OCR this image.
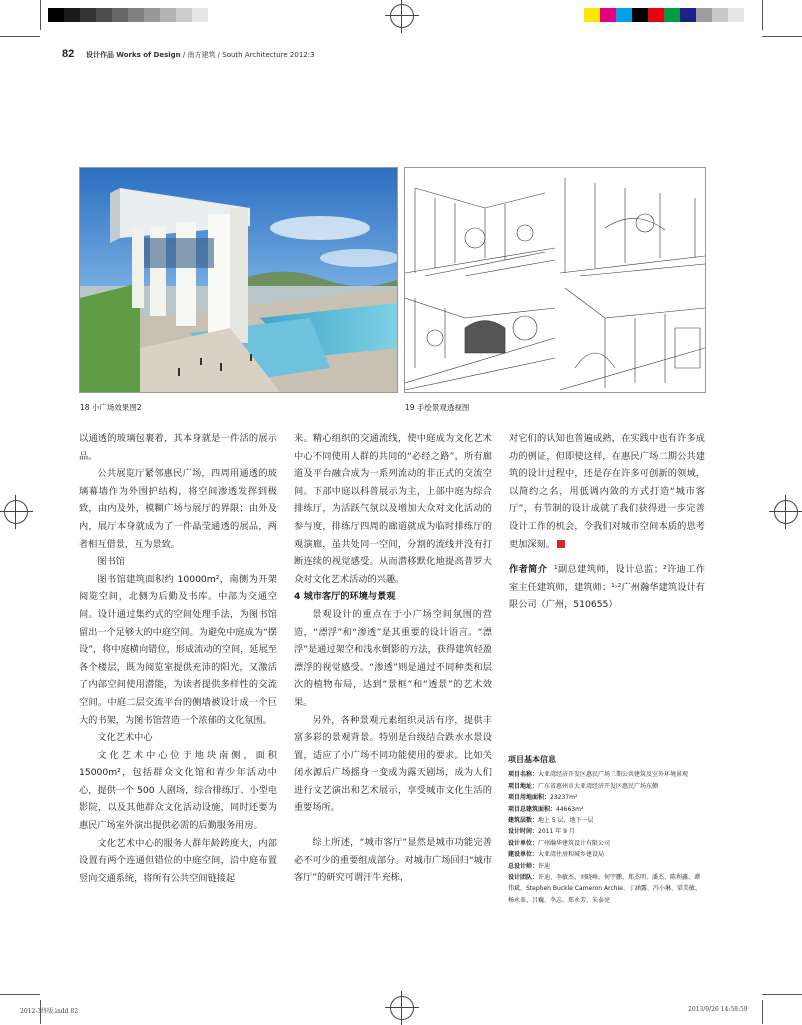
82 设计作品 Works of Design / 南方建筑 / South Architecture 2012:3
18 小广场效果图2	19 手绘景观透视图

以通透的玻璃包裹着，其本身就是一件活的展示品。

公共展览厅紧邻惠民广场，四周用通透的玻璃幕墙作为外围护结构，将空间渗透发挥到极致，由内及外，模糊广场与展厅的界限；由外及内，展厅本身就成为了一件晶莹通透的展品，两者相互借景，互为景致。

图书馆

图书馆建筑面积约 10000m²，南侧为开架阅览空间，北侧为后勤及书库。中部为交通空间。设计通过集约式的空间处理手法，为图书馆留出一个足够大的中庭空间。为避免中庭成为“摆设”，将中庭横向错位，形成流动的空间，延展至各个楼层，既为阅览室提供充沛的阳光，又激活了内部空间使用潜能，为读者提供多样性的交流空间。中庭二层交流平台的侧墙被设计成一个巨大的书架，为图书馆营造一个浓郁的文化氛围。

文化艺术中心

文化艺术中心位于地块南侧，面积15000m²，包括群众文化馆和青少年活动中心，提供一个 500 人剧场，综合排练厅、小型电影院，以及其他群众文化活动设施，同时还要为惠民广场室外演出提供必需的后勤服务用房。

文化艺术中心的服务人群年龄跨度大，内部设置有两个连通但错位的中庭空间，沿中庭布置竖向交通系统，将所有公共空间链接起

来。精心组织的交通流线，使中庭成为文化艺术中心不同使用人群的共同的“必经之路”，所有廊道及平台融合成为一系列流动的非正式的交流空间。下部中庭以科普展示为主，上部中庭为综合排练厅，为活跃气氛以及增加大众对文化活动的参与度，排练厅四周的廊道就成为临时排练厅的观演廊，虽共处同一空间，分割的流线并没有打断连续的视觉感受。从而潜移默化地提高普罗大众对文化艺术活动的兴趣。

4 城市客厅的环境与景观

景观设计的重点在于小广场空间氛围的营造，“漂浮”和“渗透”是其重要的设计语言。“漂浮”是通过架空和浅水倒影的方法，获得建筑轻盈漂浮的视觉感受。“渗透”则是通过不同种类和层次的植物布局，达到“景框”和“透景”的艺术效果。

另外，各种景观元素组织灵活有序，提供丰富多彩的景观背景。特别是台级结合跌水水景设置，适应了小广场不同功能使用的要求。比如关闭水源后广场摇身一变成为露天剧场，成为人们进行文艺演出和艺术展示，享受城市文化生活的重要场所。

综上所述，“城市客厅”显然是城市功能完善必不可少的重要组成部分。对城市广场回归“城市客厅”的研究可谓汗牛充栋，

对它们的认知也普遍成熟，在实践中也有许多成功的例证，但即使这样，在惠民广场二期公共建筑的设计过程中，还是存在许多可创新的领域，以简约之名，用低调内敛的方式打造“城市客厅”，有节制的设计成就了我们获得进一步完善设计工作的机会，令我们对城市空间本质的思考更加深刻。

作者简介 ¹副总建筑师，设计总监；²许迪工作室主任建筑师，建筑师；¹˒²广州瀚华建筑设计有限公司（广州，510655）

项目基本信息
项目名称：大亚湾经济开发区惠民广场二期公共建筑及室外环境景观
项目地址：广东省惠州市大亚湾经济开发区惠民广场东侧
项目用地面积：23237m²
项目总建筑面积：44663m²
建筑层数：地上 5 层，地下一层
设计时间：2011 年 9 月
设计单位：广州瀚华建筑设计有限公司
建设单位：大亚湾住房和城乡建设局
总设计师：许迪
设计团队：许迪、李敏杰、刘晓峰、何宇鹏、郑杰明、潘杰、陈利鑫、谭伟斌、Stephen Buckle Cameron Archie、丁涵露、冯小琳、梁美敏、杨永革、吕巍、李志、郑永芳、朱泰亮
2012-3终版.indd 82	2013/9/26 14:58:59
